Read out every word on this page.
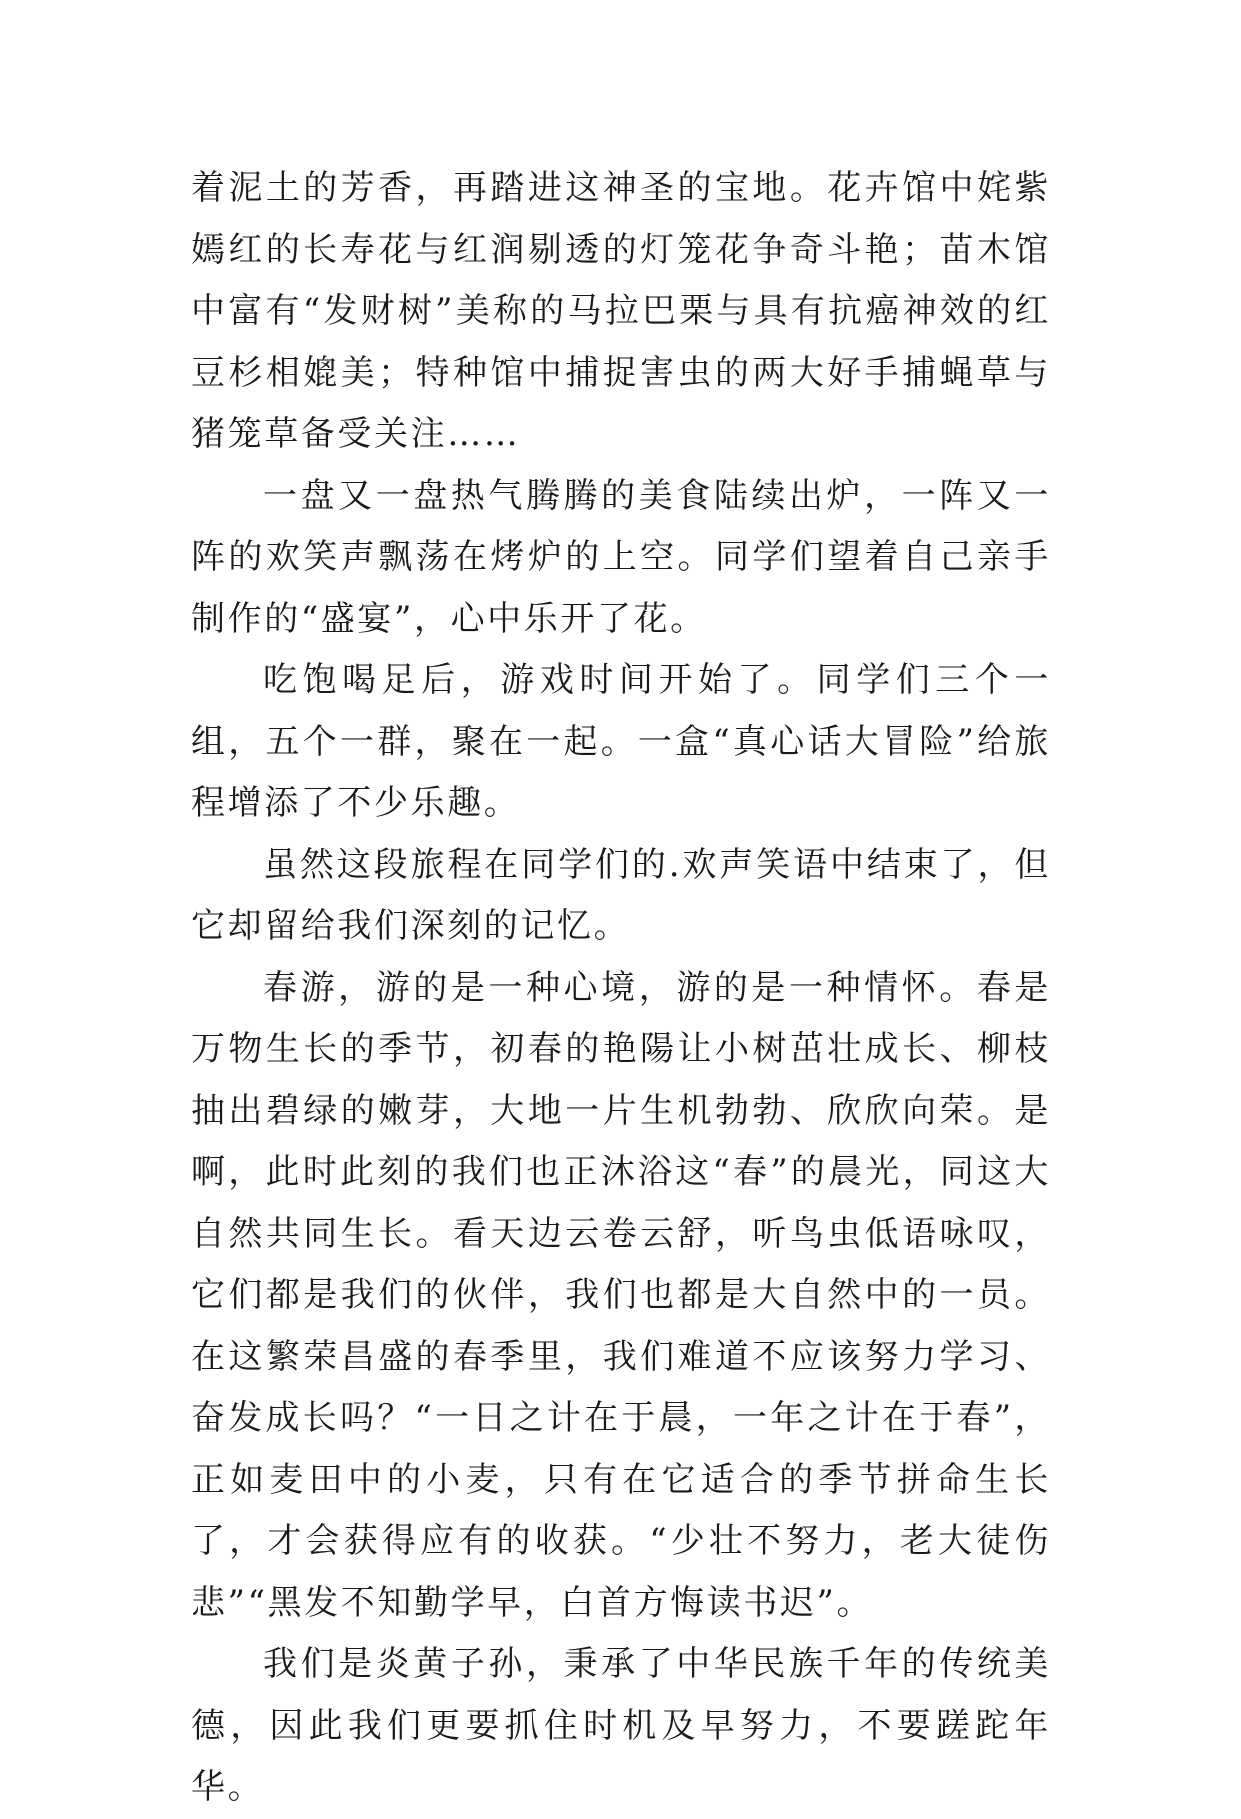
着泥土的芳香，再踏进这神圣的宝地。花卉馆中姹紫嫣红的长寿花与红润剔透的灯笼花争奇斗艳；苗木馆中富有“发财树”美称的马拉巴栗与具有抗癌神效的红豆杉相媲美；特种馆中捕捉害虫的两大好手捕蝇草与猪笼草备受关注……

一盘又一盘热气腾腾的美食陆续出炉，一阵又一阵的欢笑声飘荡在烤炉的上空。同学们望着自己亲手制作的“盛宴”，心中乐开了花。

吃饱喝足后，游戏时间开始了。同学们三个一组，五个一群，聚在一起。一盒“真心话大冒险”给旅程增添了不少乐趣。

虽然这段旅程在同学们的.欢声笑语中结束了，但它却留给我们深刻的记忆。

春游，游的是一种心境，游的是一种情怀。春是万物生长的季节，初春的艳陽让小树茁壮成长、柳枝抽出碧绿的嫩芽，大地一片生机勃勃、欣欣向荣。是啊，此时此刻的我们也正沐浴这“春”的晨光，同这大自然共同生长。看天边云卷云舒，听鸟虫低语咏叹，它们都是我们的伙伴，我们也都是大自然中的一员。在这繁荣昌盛的春季里，我们难道不应该努力学习、奋发成长吗？“一日之计在于晨，一年之计在于春”，正如麦田中的小麦，只有在它适合的季节拼命生长了，才会获得应有的收获。“少壮不努力，老大徒伤悲”“黑发不知勤学早，白首方悔读书迟”。

我们是炎黄子孙，秉承了中华民族千年的传统美德，因此我们更要抓住时机及早努力，不要蹉跎年华。
